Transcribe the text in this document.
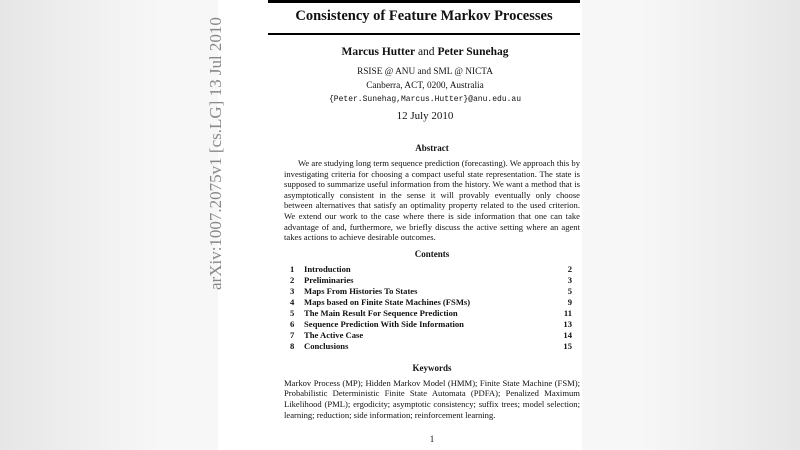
arXiv:1007.2075v1 [cs.LG] 13 Jul 2010
Consistency of Feature Markov Processes
Marcus Hutter and Peter Sunehag
RSISE @ ANU and SML @ NICTA
Canberra, ACT, 0200, Australia
{Peter.Sunehag,Marcus.Hutter}@anu.edu.au
12 July 2010
Abstract

We are studying long term sequence prediction (forecasting). We approach this by investigating criteria for choosing a compact useful state representation. The state is supposed to summarize useful information from the history. We want a method that is asymptotically consistent in the sense it will provably eventually only choose between alternatives that satisfy an optimality property related to the used criterion. We extend our work to the case where there is side information that one can take advantage of and, furthermore, we briefly discuss the active setting where an agent takes actions to achieve desirable outcomes.

Contents
1	Introduction	2
2	Preliminaries	3
3	Maps From Histories To States	5
4	Maps based on Finite State Machines (FSMs)	9
5	The Main Result For Sequence Prediction	11
6	Sequence Prediction With Side Information	13
7	The Active Case	14
8	Conclusions	15
Keywords

Markov Process (MP); Hidden Markov Model (HMM); Finite State Machine (FSM); Probabilistic Deterministic Finite State Automata (PDFA); Penalized Maximum Likelihood (PML); ergodicity; asymptotic consistency; suffix trees; model selection; learning; reduction; side information; reinforcement learning.

1
